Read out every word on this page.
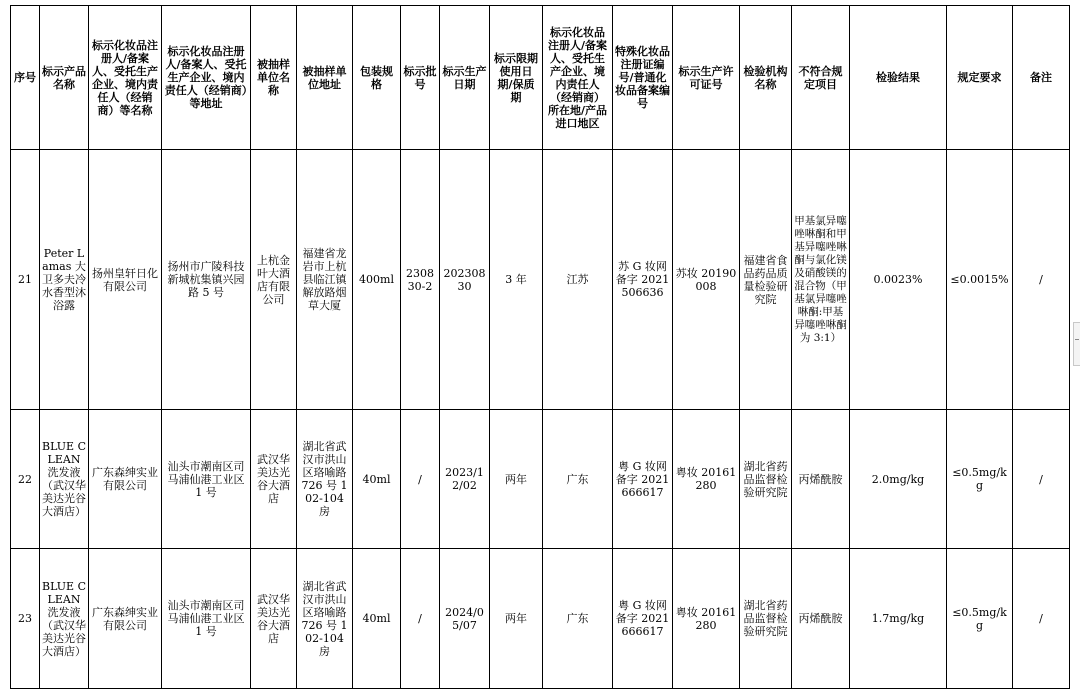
序号	标示产品名称	标示化妆品注册人/备案人、受托生产企业、境内责任人（经销商）等名称	标示化妆品注册人/备案人、受托生产企业、境内责任人（经销商）等地址	被抽样单位名称	被抽样单位地址	包装规格	标示批号	标示生产日期	标示限期使用日期/保质期	标示化妆品注册人/备案人、受托生产企业、境内责任人（经销商）所在地/产品进口地区	特殊化妆品注册证编号/普通化妆品备案编号	标示生产许可证号	检验机构名称	不符合规定项目	检验结果	规定要求	备注
21	Peter Lamas 大卫多夫冷水香型沐浴露	扬州皇轩日化有限公司	扬州市广陵科技新城杭集镇兴园路 5 号	上杭金叶大酒店有限公司	福建省龙岩市上杭县临江镇解放路烟草大厦	400ml	230830-2	20230830	3 年	江苏	苏 G 妆网备字 2021506636	苏妆 20190008	福建省食品药品质量检验研究院	甲基氯异噻唑啉酮和甲基异噻唑啉酮与氯化镁及硝酸镁的混合物（甲基氯异噻唑啉酮:甲基异噻唑啉酮为 3:1）	0.0023%	≤0.0015%	/
22	BLUE CLEAN 洗发液（武汉华美达光谷大酒店）	广东森绅实业有限公司	汕头市潮南区司马浦仙港工业区 1 号	武汉华美达光谷大酒店	湖北省武汉市洪山区珞喻路 726 号 102-104 房	40ml	/	2023/12/02	两年	广东	粤 G 妆网备字 2021666617	粤妆 20161280	湖北省药品监督检验研究院	丙烯酰胺	2.0mg/kg	≤0.5mg/kg	/
23	BLUE CLEAN 洗发液（武汉华美达光谷大酒店）	广东森绅实业有限公司	汕头市潮南区司马浦仙港工业区 1 号	武汉华美达光谷大酒店	湖北省武汉市洪山区珞喻路 726 号 102-104 房	40ml	/	2024/05/07	两年	广东	粤 G 妆网备字 2021666617	粤妆 20161280	湖北省药品监督检验研究院	丙烯酰胺	1.7mg/kg	≤0.5mg/kg	/
